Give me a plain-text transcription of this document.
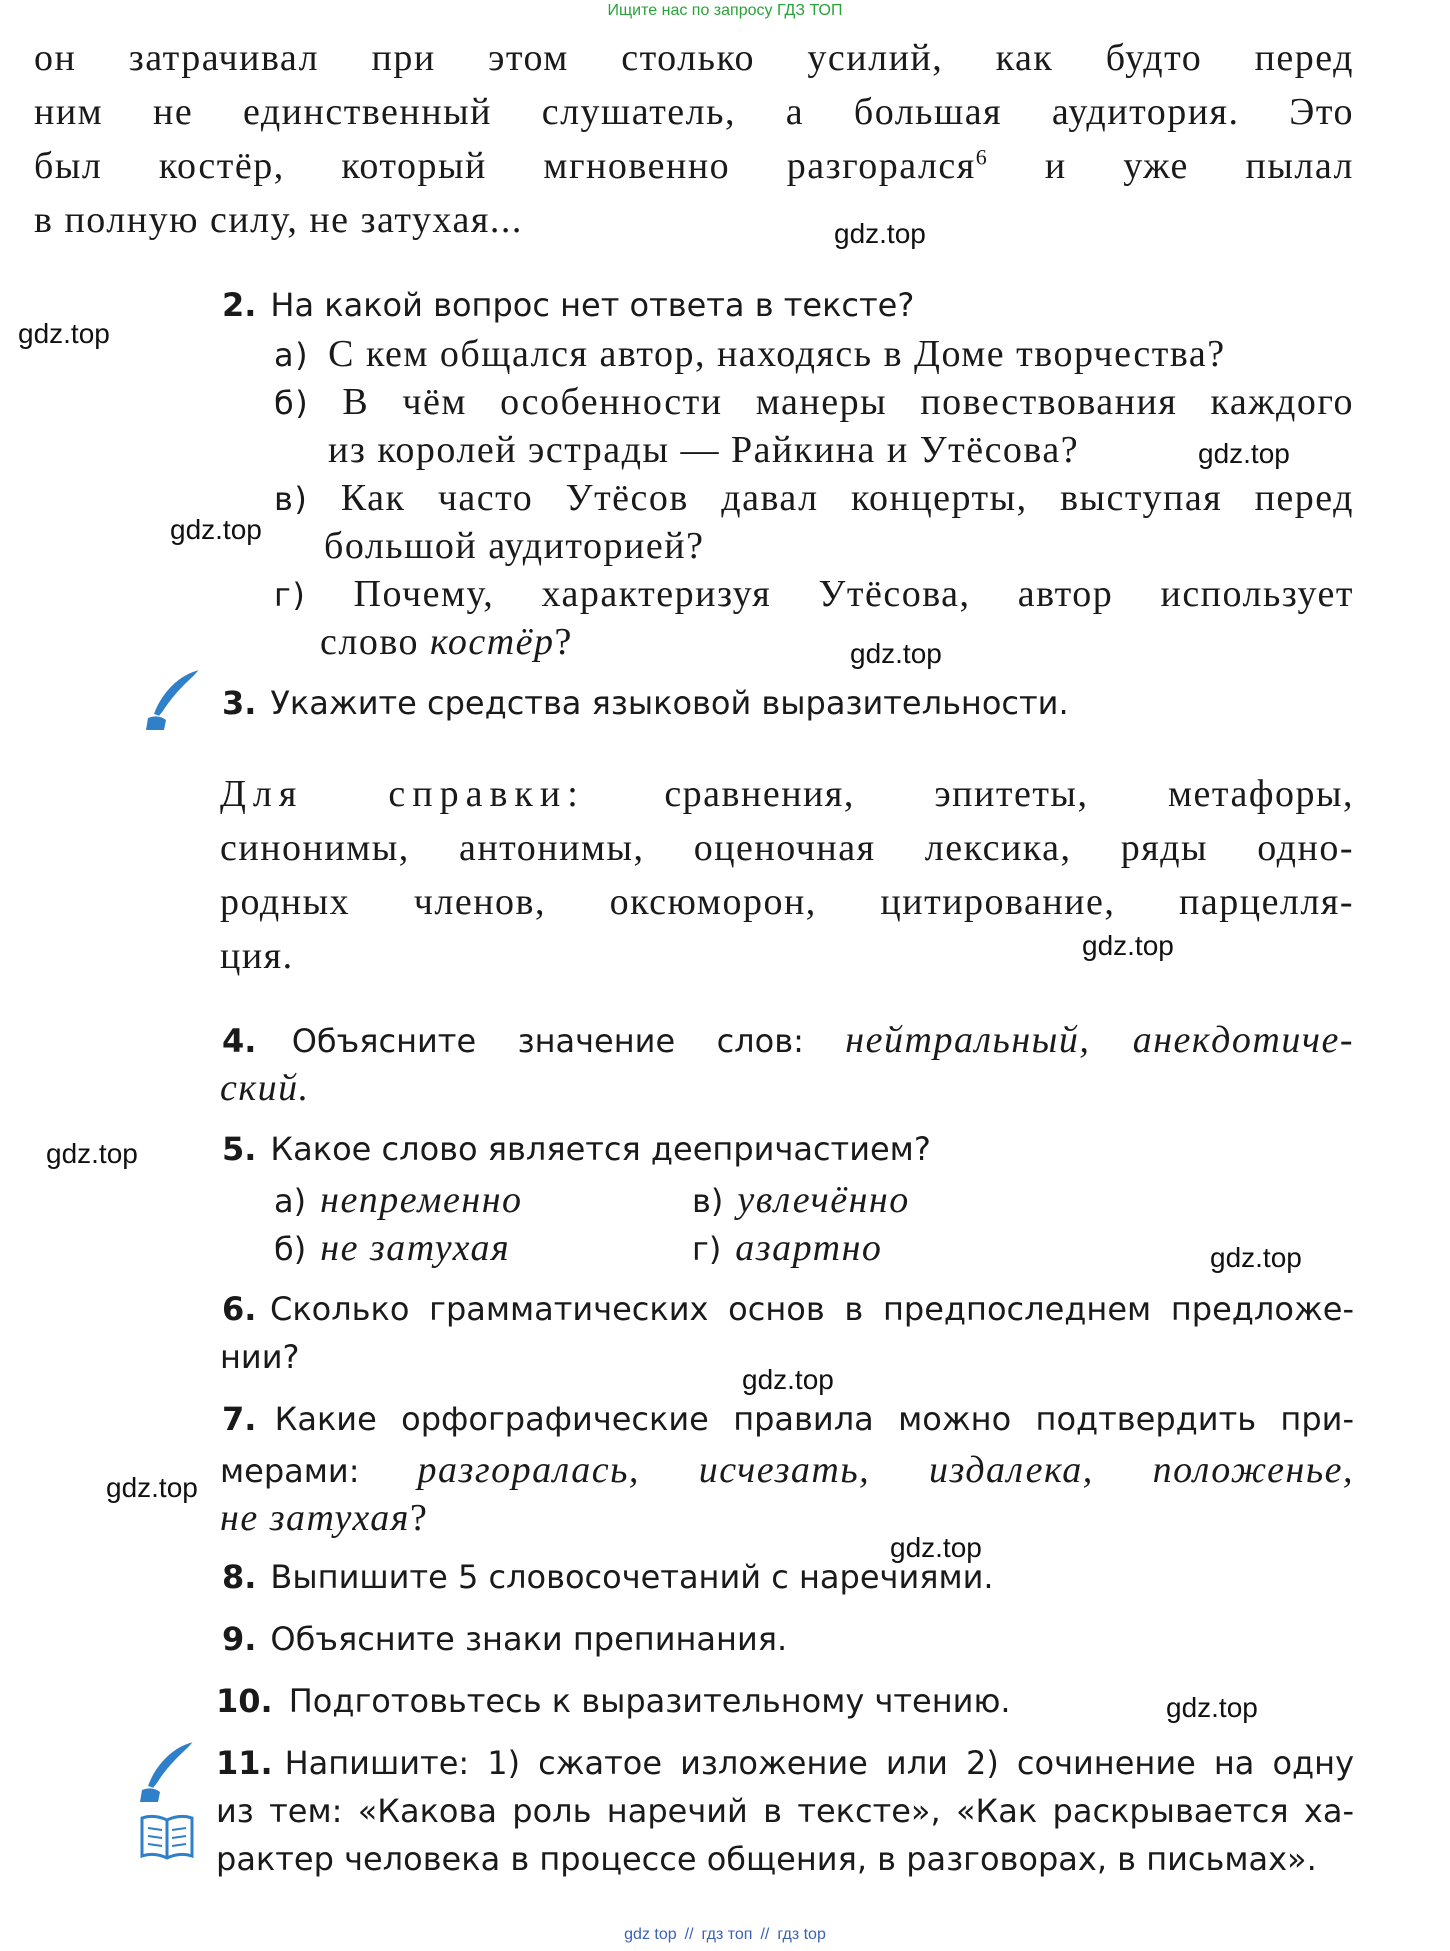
Ищите нас по запросу ГДЗ ТОП
он затрачивал при этом столько усилий, как будто перед
ним не единственный слушатель, а большая аудитория. Это
был костёр, который мгновенно разгорался$^6$ и уже пылал
в полную силу, не затухая...
2. На какой вопрос нет ответа в тексте?
а) С кем общался автор, находясь в Доме творчества?
б) В чём особенности манеры повествования каждого
из королей эстрады — Райкина и Утёсова?
в) Как часто Утёсов давал концерты, выступая перед
большой аудиторией?
г) Почему, характеризуя Утёсова, автор использует
слово костёр?
3. Укажите средства языковой выразительности.
Для справки: сравнения, эпитеты, метафоры,
синонимы, антонимы, оценочная лексика, ряды одно-
родных членов, оксюморон, цитирование, парцелля-
ция.
4. Объясните значение слов: нейтральный, анекдотиче-
ский.
5. Какое слово является деепричастием?
а) непременно	в) увлечённо
б) не затухая	г) азартно
6. Сколько грамматических основ в предпоследнем предложе-
нии?
7. Какие орфографические правила можно подтвердить при-
мерами: разгоралась, исчезать, издалека, положенье,
не затухая?
8. Выпишите 5 словосочетаний с наречиями.
9. Объясните знаки препинания.
10. Подготовьтесь к выразительному чтению.
11. Напишите: 1) сжатое изложение или 2) сочинение на одну
из тем: «Какова роль наречий в тексте», «Как раскрывается ха-
рактер человека в процессе общения, в разговорах, в письмах».
gdz.top
gdz.top
gdz.top
gdz.top
gdz.top
gdz.top
gdz.top
gdz.top
gdz.top
gdz.top
gdz.top
gdz.top
gdz top // гдз топ // гдз top
